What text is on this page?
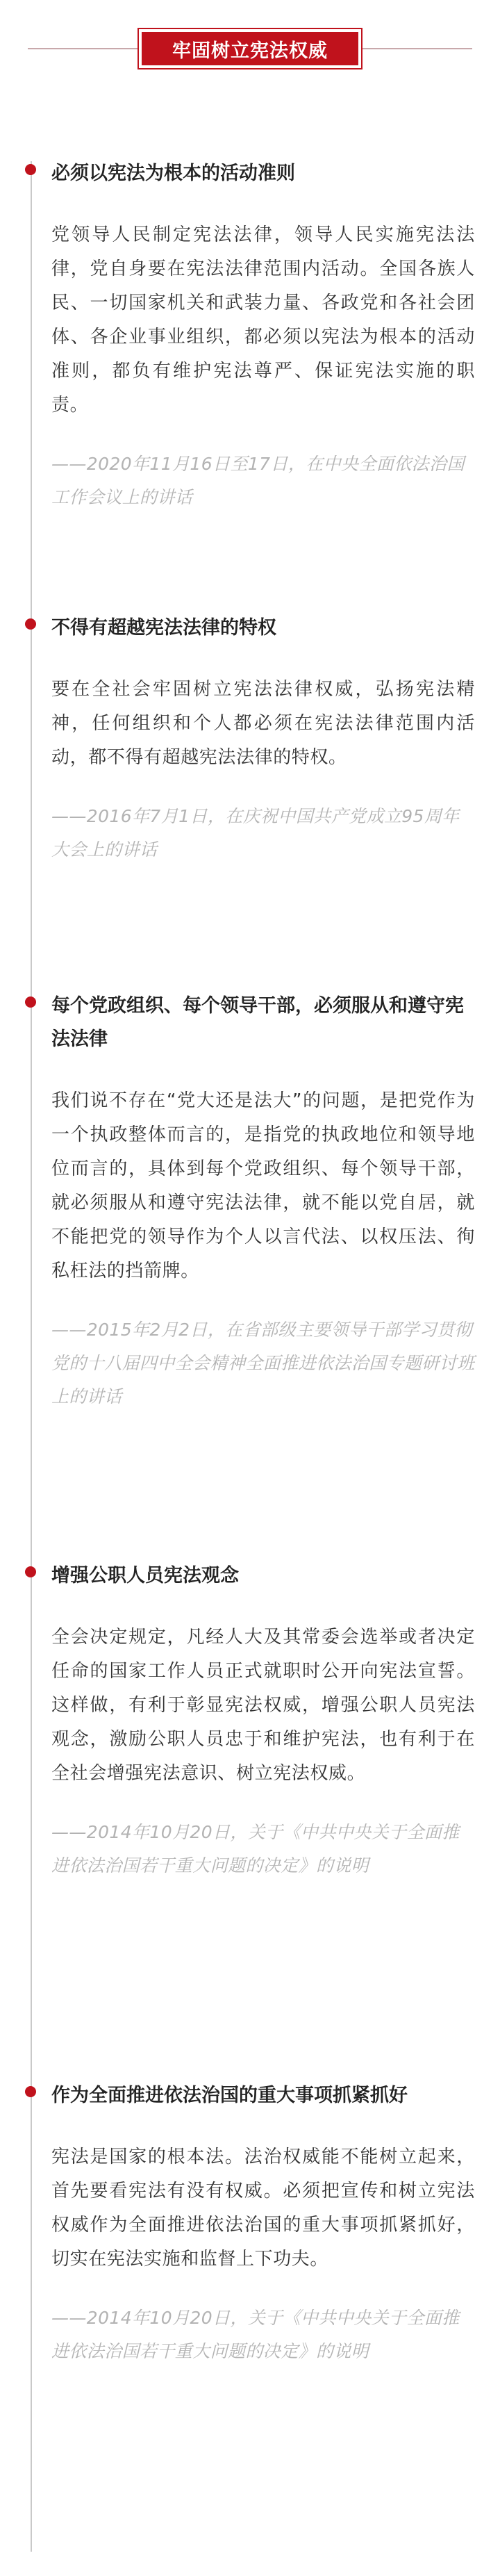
牢固树立宪法权威
必须以宪法为根本的活动准则

党领导人民制定宪法法律，领导人民实施宪法法律，党自身要在宪法法律范围内活动。全国各族人民、一切国家机关和武装力量、各政党和各社会团体、各企业事业组织，都必须以宪法为根本的活动准则，都负有维护宪法尊严、保证宪法实施的职责。

——2020年11月16日至17日，在中央全面依法治国工作会议上的讲话

不得有超越宪法法律的特权

要在全社会牢固树立宪法法律权威，弘扬宪法精神，任何组织和个人都必须在宪法法律范围内活动，都不得有超越宪法法律的特权。

——2016年7月1日，在庆祝中国共产党成立95周年大会上的讲话

每个党政组织、每个领导干部，必须服从和遵守宪法法律

我们说不存在“党大还是法大”的问题，是把党作为一个执政整体而言的，是指党的执政地位和领导地位而言的，具体到每个党政组织、每个领导干部，就必须服从和遵守宪法法律，就不能以党自居，就不能把党的领导作为个人以言代法、以权压法、徇私枉法的挡箭牌。

——2015年2月2日，在省部级主要领导干部学习贯彻党的十八届四中全会精神全面推进依法治国专题研讨班上的讲话

增强公职人员宪法观念

全会决定规定，凡经人大及其常委会选举或者决定任命的国家工作人员正式就职时公开向宪法宣誓。这样做，有利于彰显宪法权威，增强公职人员宪法观念，激励公职人员忠于和维护宪法，也有利于在全社会增强宪法意识、树立宪法权威。

——2014年10月20日，关于《中共中央关于全面推进依法治国若干重大问题的决定》的说明

作为全面推进依法治国的重大事项抓紧抓好

宪法是国家的根本法。法治权威能不能树立起来，首先要看宪法有没有权威。必须把宣传和树立宪法权威作为全面推进依法治国的重大事项抓紧抓好，切实在宪法实施和监督上下功夫。

——2014年10月20日，关于《中共中央关于全面推进依法治国若干重大问题的决定》的说明
